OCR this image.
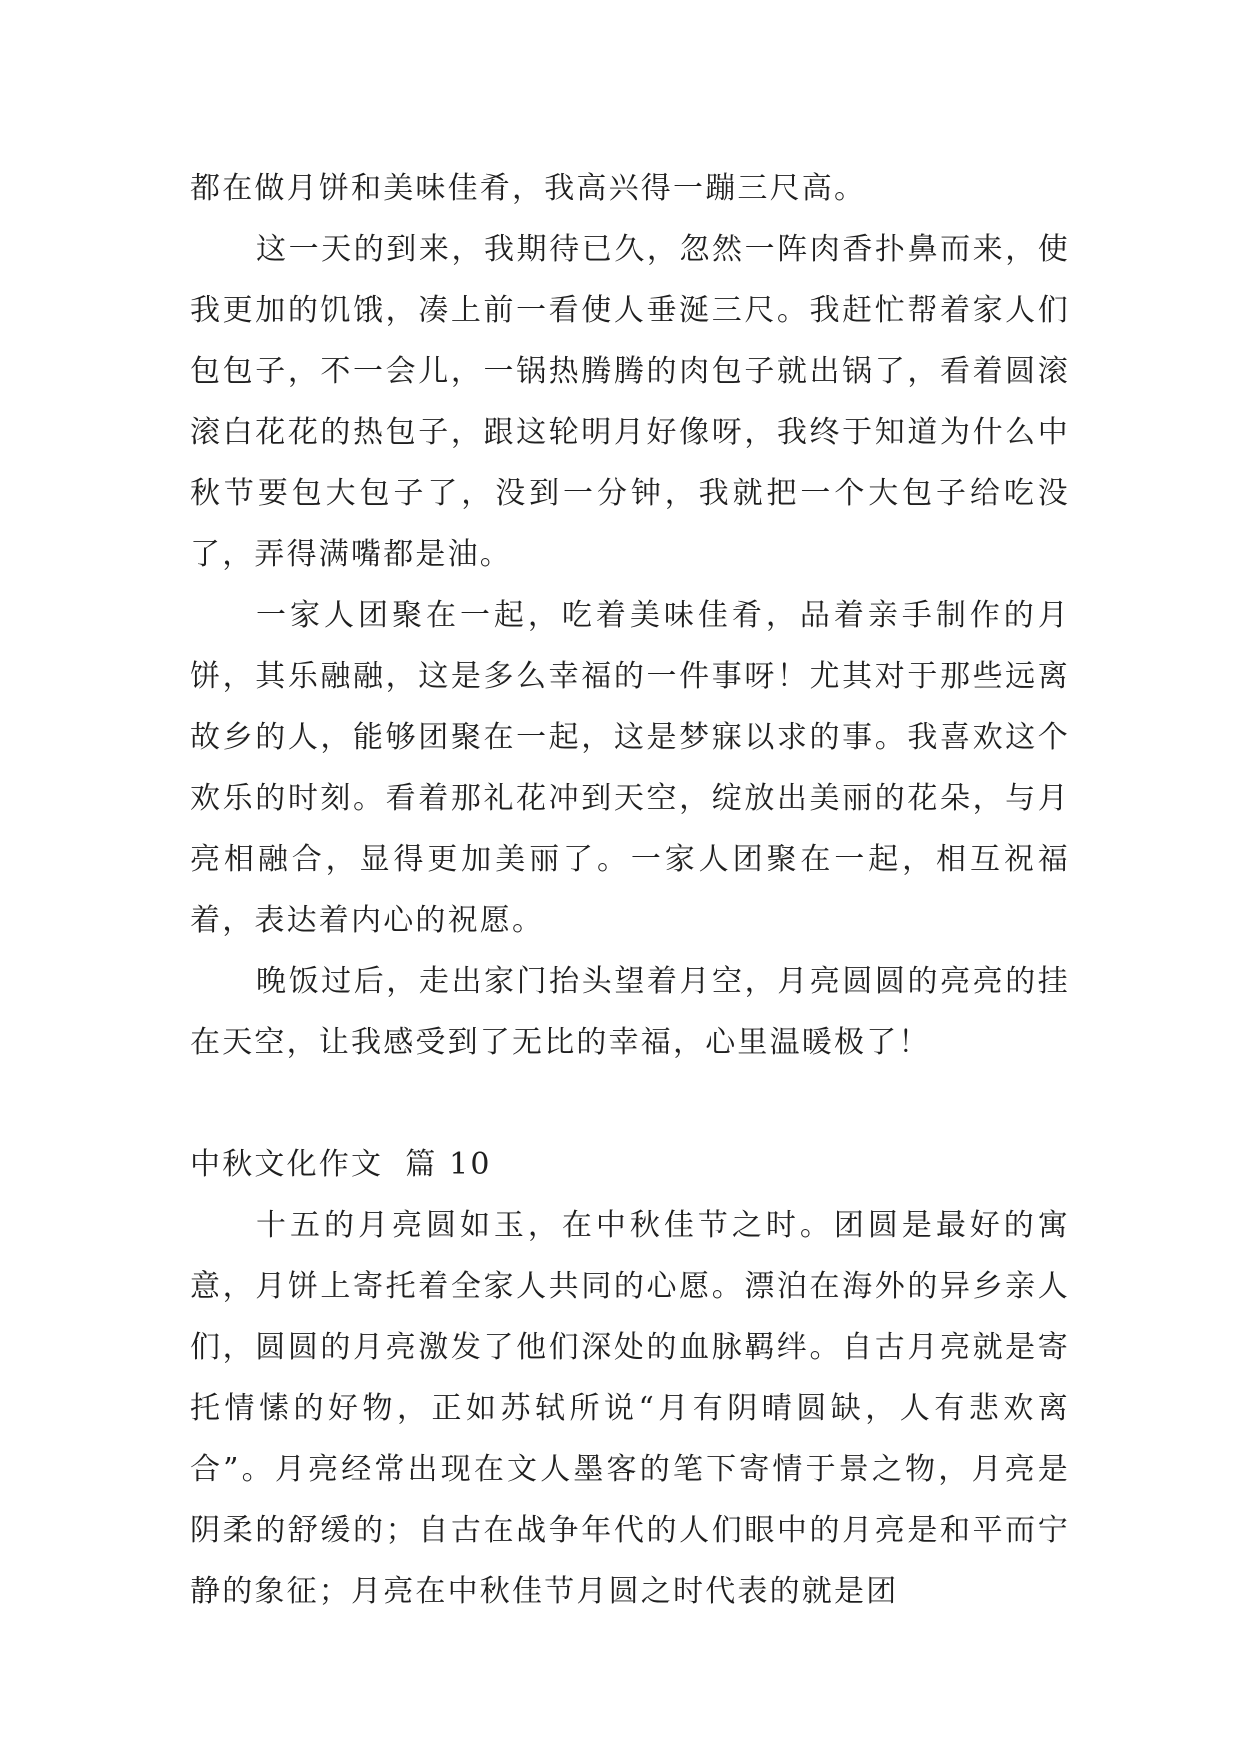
都在做月饼和美味佳肴，我高兴得一蹦三尺高。

这一天的到来，我期待已久，忽然一阵肉香扑鼻而来，使我更加的饥饿，凑上前一看使人垂涎三尺。我赶忙帮着家人们包包子，不一会儿，一锅热腾腾的肉包子就出锅了，看着圆滚滚白花花的热包子，跟这轮明月好像呀，我终于知道为什么中秋节要包大包子了，没到一分钟，我就把一个大包子给吃没了，弄得满嘴都是油。

一家人团聚在一起，吃着美味佳肴，品着亲手制作的月饼，其乐融融，这是多么幸福的一件事呀！尤其对于那些远离故乡的人，能够团聚在一起，这是梦寐以求的事。我喜欢这个欢乐的时刻。看着那礼花冲到天空，绽放出美丽的花朵，与月亮相融合，显得更加美丽了。一家人团聚在一起，相互祝福着，表达着内心的祝愿。

晚饭过后，走出家门抬头望着月空，月亮圆圆的亮亮的挂在天空，让我感受到了无比的幸福，心里温暖极了！

中秋文化作文 篇 10

十五的月亮圆如玉，在中秋佳节之时。团圆是最好的寓意，月饼上寄托着全家人共同的心愿。漂泊在海外的异乡亲人们，圆圆的月亮激发了他们深处的血脉羁绊。自古月亮就是寄托情愫的好物，正如苏轼所说“月有阴晴圆缺，人有悲欢离合”。月亮经常出现在文人墨客的笔下寄情于景之物，月亮是阴柔的舒缓的；自古在战争年代的人们眼中的月亮是和平而宁静的象征；月亮在中秋佳节月圆之时代表的就是团
